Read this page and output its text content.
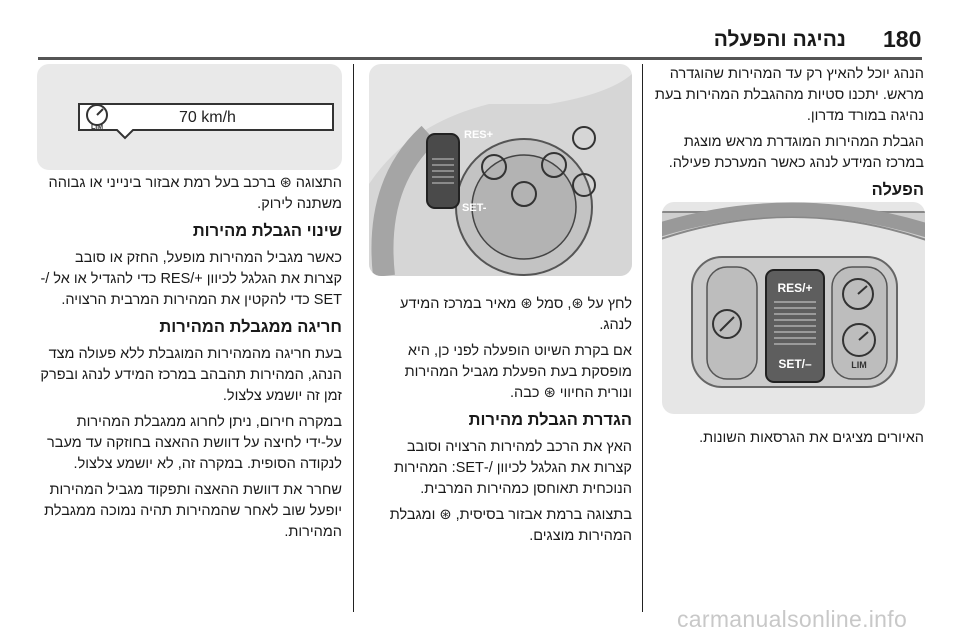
180
נהיגה והפעלה

הנהג יוכל להאיץ רק עד המהירות שהוגדרה מראש. יתכנו סטיות מההגבלת המהירות בעת נהיגה במורד מדרון.

הגבלת המהירות המוגדרת מראש מוצגת במרכז המידע לנהג כאשר המערכת פעילה.

הפעלה
RES/+
SET/–	LIM

האיורים מציגים את הגרסאות השונות.

RES+
SET-

לחץ על ⊛, סמל ⊛ מאיר במרכז המידע לנהג.

אם בקרת השיוט הופעלה לפני כן, היא מופסקת בעת הפעלת מגביל המהירות ונורית החיווי ⊛ כבה.

הגדרת הגבלת מהירות

האץ את הרכב למהירות הרצויה וסובב קצרות את הגלגל לכיוון /-SET: המהירות הנוכחית תאוחסן כמהירות המרבית.

בתצוגה ברמת אבזור בסיסית, ⊛ ומגבלת המהירות מוצגים.

LIM
70 km/h

התצוגה ⊛ ברכב בעל רמת אבזור בינייני או גבוהה משתנה לירוק.

שינוי הגבלת מהירות

כאשר מגביל המהירות מופעל, החזק או סובב קצרות את הגלגל לכיוון +/RES כדי להגדיל או אל /-SET כדי להקטין את המהירות המרבית הרצויה.

חריגה ממגבלת המהירות

בעת חריגה מהמהירות המוגבלת ללא פעולה מצד הנהג, המהירות תהבהב במרכז המידע לנהג ובפרק זמן זה יושמע צלצול.

במקרה חירום, ניתן לחרוג ממגבלת המהירות על-ידי לחיצה על דוושת ההאצה בחוזקה עד מעבר לנקודה הסופית. במקרה זה, לא יושמע צלצול.

שחרר את דוושת ההאצה ותפקוד מגביל המהירות יופעל שוב לאחר שהמהירות תהיה נמוכה ממגבלת המהירות.

carmanualsonline.info
